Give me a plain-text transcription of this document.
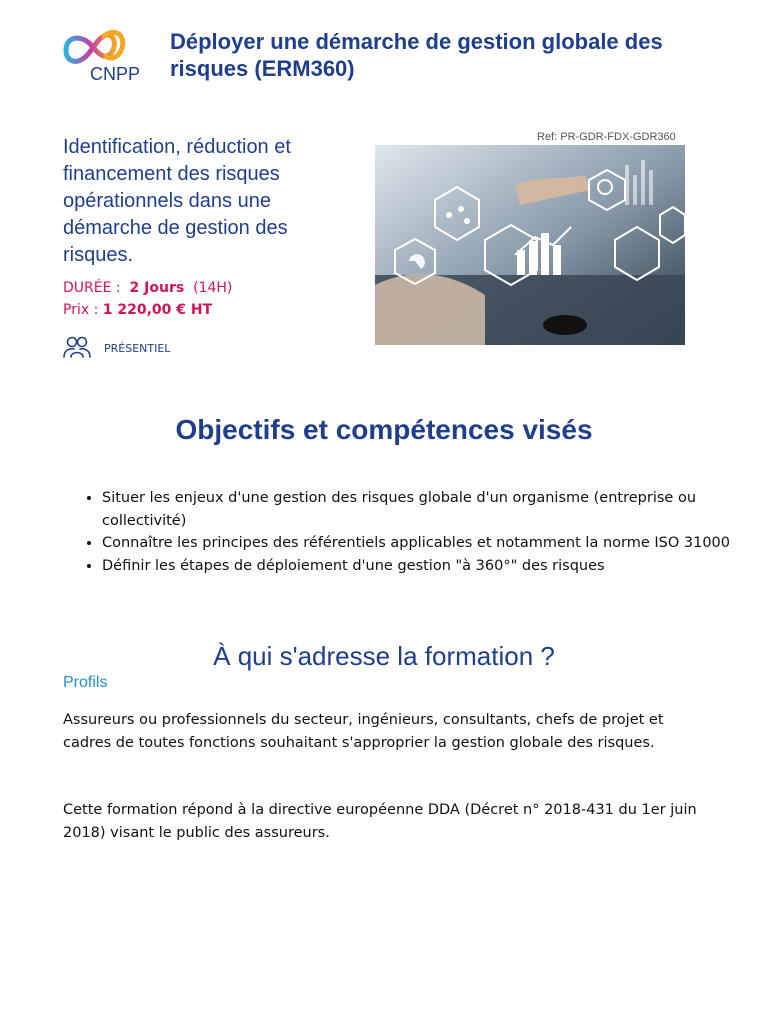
CNPP
Déployer une démarche de gestion globale des risques (ERM360)
Ref: PR-GDR-FDX-GDR360
Identification, réduction et financement des risques opérationnels dans une démarche de gestion des risques.
DURÉE : 2 Jours (14H)
Prix : 1 220,00 € HT
PRÉSENTIEL
Objectifs et compétences visés
• Situer les enjeux d'une gestion des risques globale d'un organisme (entreprise ou collectivité)
• Connaître les principes des référentiels applicables et notamment la norme ISO 31000
• Définir les étapes de déploiement d'une gestion "à 360°" des risques
À qui s'adresse la formation ?
Profils

Assureurs ou professionnels du secteur, ingénieurs, consultants, chefs de projet et cadres de toutes fonctions souhaitant s'approprier la gestion globale des risques.

Cette formation répond à la directive européenne DDA (Décret n° 2018-431 du 1er juin 2018) visant le public des assureurs.
